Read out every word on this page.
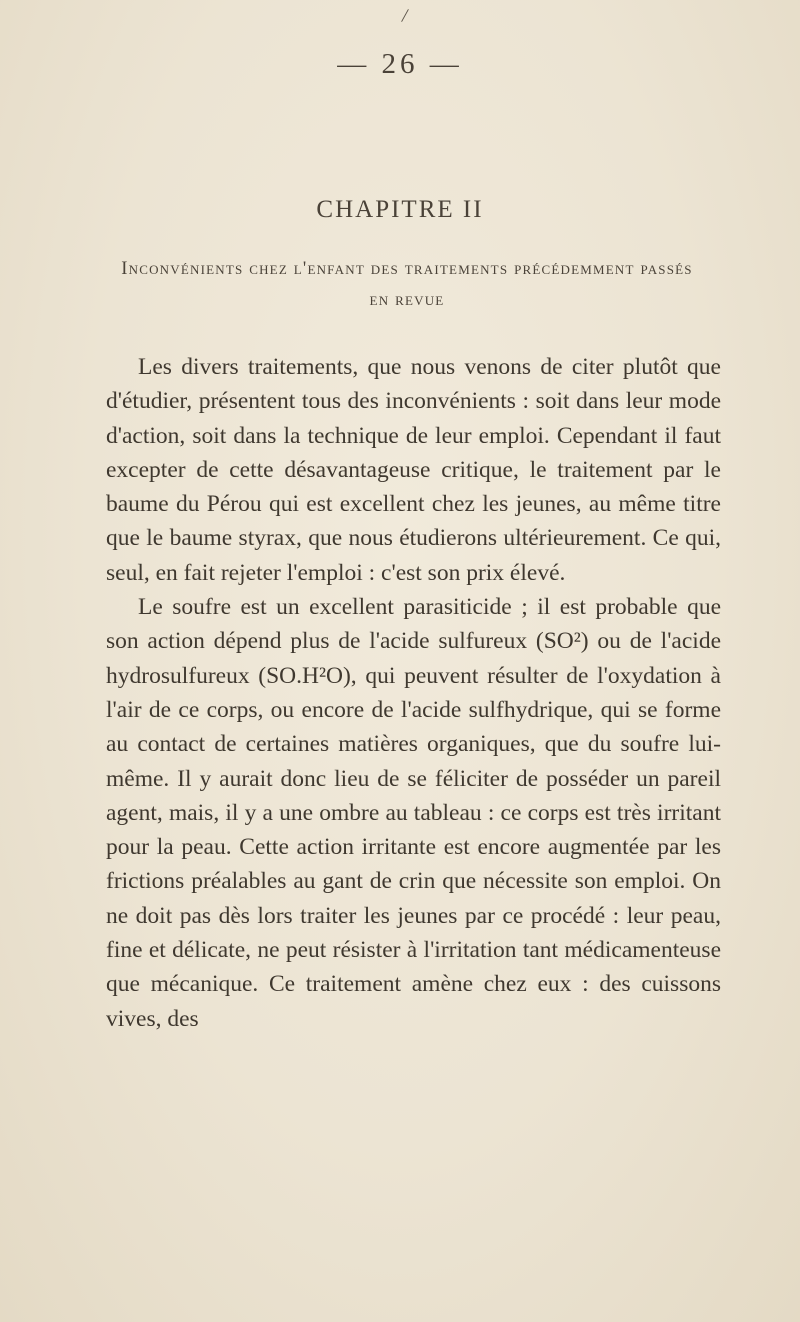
/
— 26 —
CHAPITRE II
Inconvénients chez l'enfant des traitements précédemment passés en revue

Les divers traitements, que nous venons de citer plutôt que d'étudier, présentent tous des inconvénients : soit dans leur mode d'action, soit dans la technique de leur emploi. Cependant il faut excepter de cette désavantageuse critique, le traitement par le baume du Pérou qui est excellent chez les jeunes, au même titre que le baume styrax, que nous étudierons ultérieurement. Ce qui, seul, en fait rejeter l'emploi : c'est son prix élevé.

Le soufre est un excellent parasiticide ; il est probable que son action dépend plus de l'acide sulfureux (SO²) ou de l'acide hydrosulfureux (SO.H²O), qui peuvent résulter de l'oxydation à l'air de ce corps, ou encore de l'acide sulfhydrique, qui se forme au contact de certaines matières organiques, que du soufre lui-même. Il y aurait donc lieu de se féliciter de posséder un pareil agent, mais, il y a une ombre au tableau : ce corps est très irritant pour la peau. Cette action irritante est encore augmentée par les frictions préalables au gant de crin que nécessite son emploi. On ne doit pas dès lors traiter les jeunes par ce procédé : leur peau, fine et délicate, ne peut résister à l'irritation tant médicamenteuse que mécanique. Ce traitement amène chez eux : des cuissons vives, des
